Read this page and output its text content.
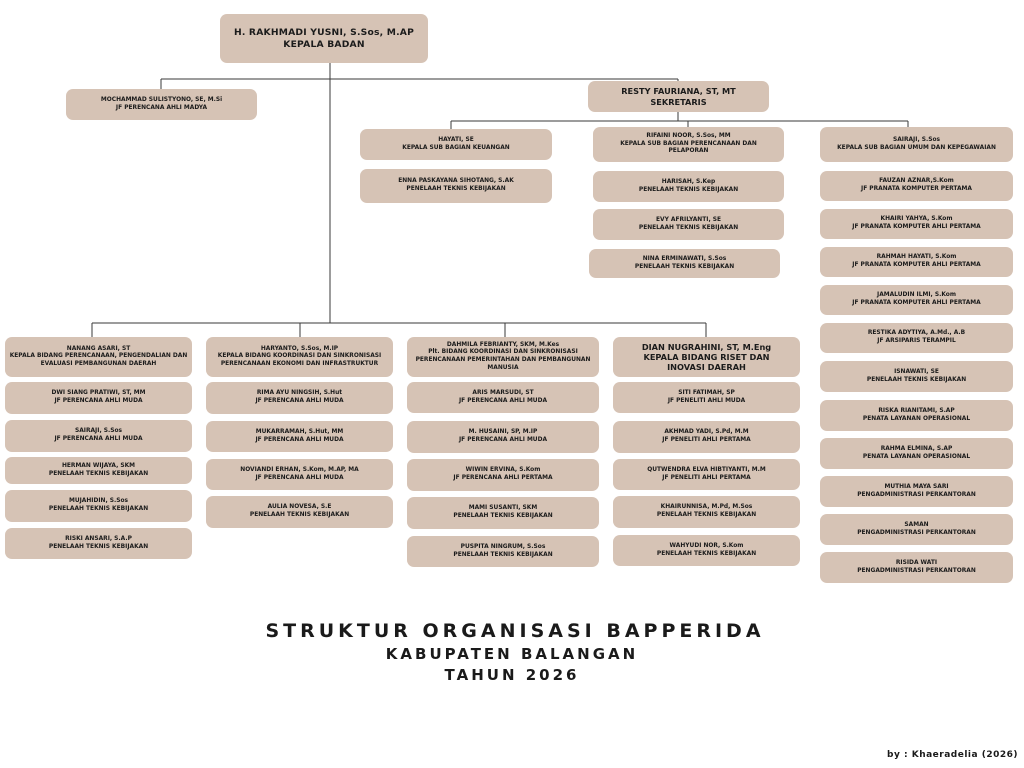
H. RAKHMADI YUSNI, S.Sos, M.AP
KEPALA BADAN
MOCHAMMAD SULISTYONO, SE, M.Si
JF PERENCANA AHLI MADYA
RESTY FAURIANA, ST, MT
SEKRETARIS
HAYATI, SE
KEPALA SUB BAGIAN KEUANGAN
ENNA PASKAYANA SIHOTANG, S.AK
PENELAAH TEKNIS KEBIJAKAN
RIFAINI NOOR, S.Sos, MM
KEPALA SUB BAGIAN PERENCANAAN DAN
PELAPORAN
HARISAH, S.Kep
PENELAAH TEKNIS KEBIJAKAN
EVY AFRILYANTI, SE
PENELAAH TEKNIS KEBIJAKAN
NINA ERMINAWATI, S.Sos
PENELAAH TEKNIS KEBIJAKAN
SAIRAJI, S.Sos
KEPALA SUB BAGIAN UMUM DAN KEPEGAWAIAN
FAUZAN AZNAR,S.Kom
JF PRANATA KOMPUTER PERTAMA
KHAIRI YAHYA, S.Kom
JF PRANATA KOMPUTER AHLI PERTAMA
RAHMAH HAYATI, S.Kom
JF PRANATA KOMPUTER AHLI PERTAMA
JAMALUDIN ILMI, S.Kom
JF PRANATA KOMPUTER AHLI PERTAMA
RESTIKA ADYTIYA, A.Md., A.B
JF ARSIPARIS TERAMPIL
ISNAWATI, SE
PENELAAH TEKNIS KEBIJAKAN
RISKA RIANITAMI, S.AP
PENATA LAYANAN OPERASIONAL
RAHMA ELMINA, S.AP
PENATA LAYANAN OPERASIONAL
MUTHIA MAYA SARI
PENGADMINISTRASI PERKANTORAN
SAMAN
PENGADMINISTRASI PERKANTORAN
RISIDA WATI
PENGADMINISTRASI PERKANTORAN
NANANG ASARI, ST
KEPALA BIDANG PERENCANAAN, PENGENDALIAN DAN
EVALUASI PEMBANGUNAN DAERAH
DWI SIANG PRATIWI, ST, MM
JF PERENCANA AHLI MUDA
SAIRAJI, S.Sos
JF PERENCANA AHLI MUDA
HERMAN WIJAYA, SKM
PENELAAH TEKNIS KEBIJAKAN
MUJAHIDIN, S.Sos
PENELAAH TEKNIS KEBIJAKAN
RISKI ANSARI, S.A.P
PENELAAH TEKNIS KEBIJAKAN
HARYANTO, S.Sos, M.IP
KEPALA BIDANG KOORDINASI DAN SINKRONISASI
PERENCANAAN EKONOMI DAN INFRASTRUKTUR
RIMA AYU NINGSIH, S.Hut
JF PERENCANA AHLI MUDA
MUKARRAMAH, S.Hut, MM
JF PERENCANA AHLI MUDA
NOVIANDI ERHAN, S.Kom, M.AP, MA
JF PERENCANA AHLI MUDA
AULIA NOVESA, S.E
PENELAAH TEKNIS KEBIJAKAN
DAHMILA FEBRIANTY, SKM, M.Kes
Plt. BIDANG KOORDINASI DAN SINKRONISASI
PERENCANAAN PEMERINTAHAN DAN PEMBANGUNAN
MANUSIA
ARIS MARSUDI, ST
JF PERENCANA AHLI MUDA
M. HUSAINI, SP, M.IP
JF PERENCANA AHLI MUDA
WIWIN ERVINA, S.Kom
JF PERENCANA AHLI PERTAMA
MAMI SUSANTI, SKM
PENELAAH TEKNIS KEBIJAKAN
PUSPITA NINGRUM, S.Sos
PENELAAH TEKNIS KEBIJAKAN
DIAN NUGRAHINI, ST, M.Eng
KEPALA BIDANG RISET DAN
INOVASI DAERAH
SITI FATIMAH, SP
JF PENELITI AHLI MUDA
AKHMAD YADI, S.Pd, M.M
JF PENELITI AHLI PERTAMA
QUTWENDRA ELVA HIBTIYANTI, M.M
JF PENELITI AHLI PERTAMA
KHAIRUNNISA, M.Pd, M.Sos
PENELAAH TEKNIS KEBIJAKAN
WAHYUDI NOR, S.Kom
PENELAAH TEKNIS KEBIJAKAN
STRUKTUR ORGANISASI BAPPERIDA
KABUPATEN BALANGAN
TAHUN 2026
by : Khaeradelia (2026)
